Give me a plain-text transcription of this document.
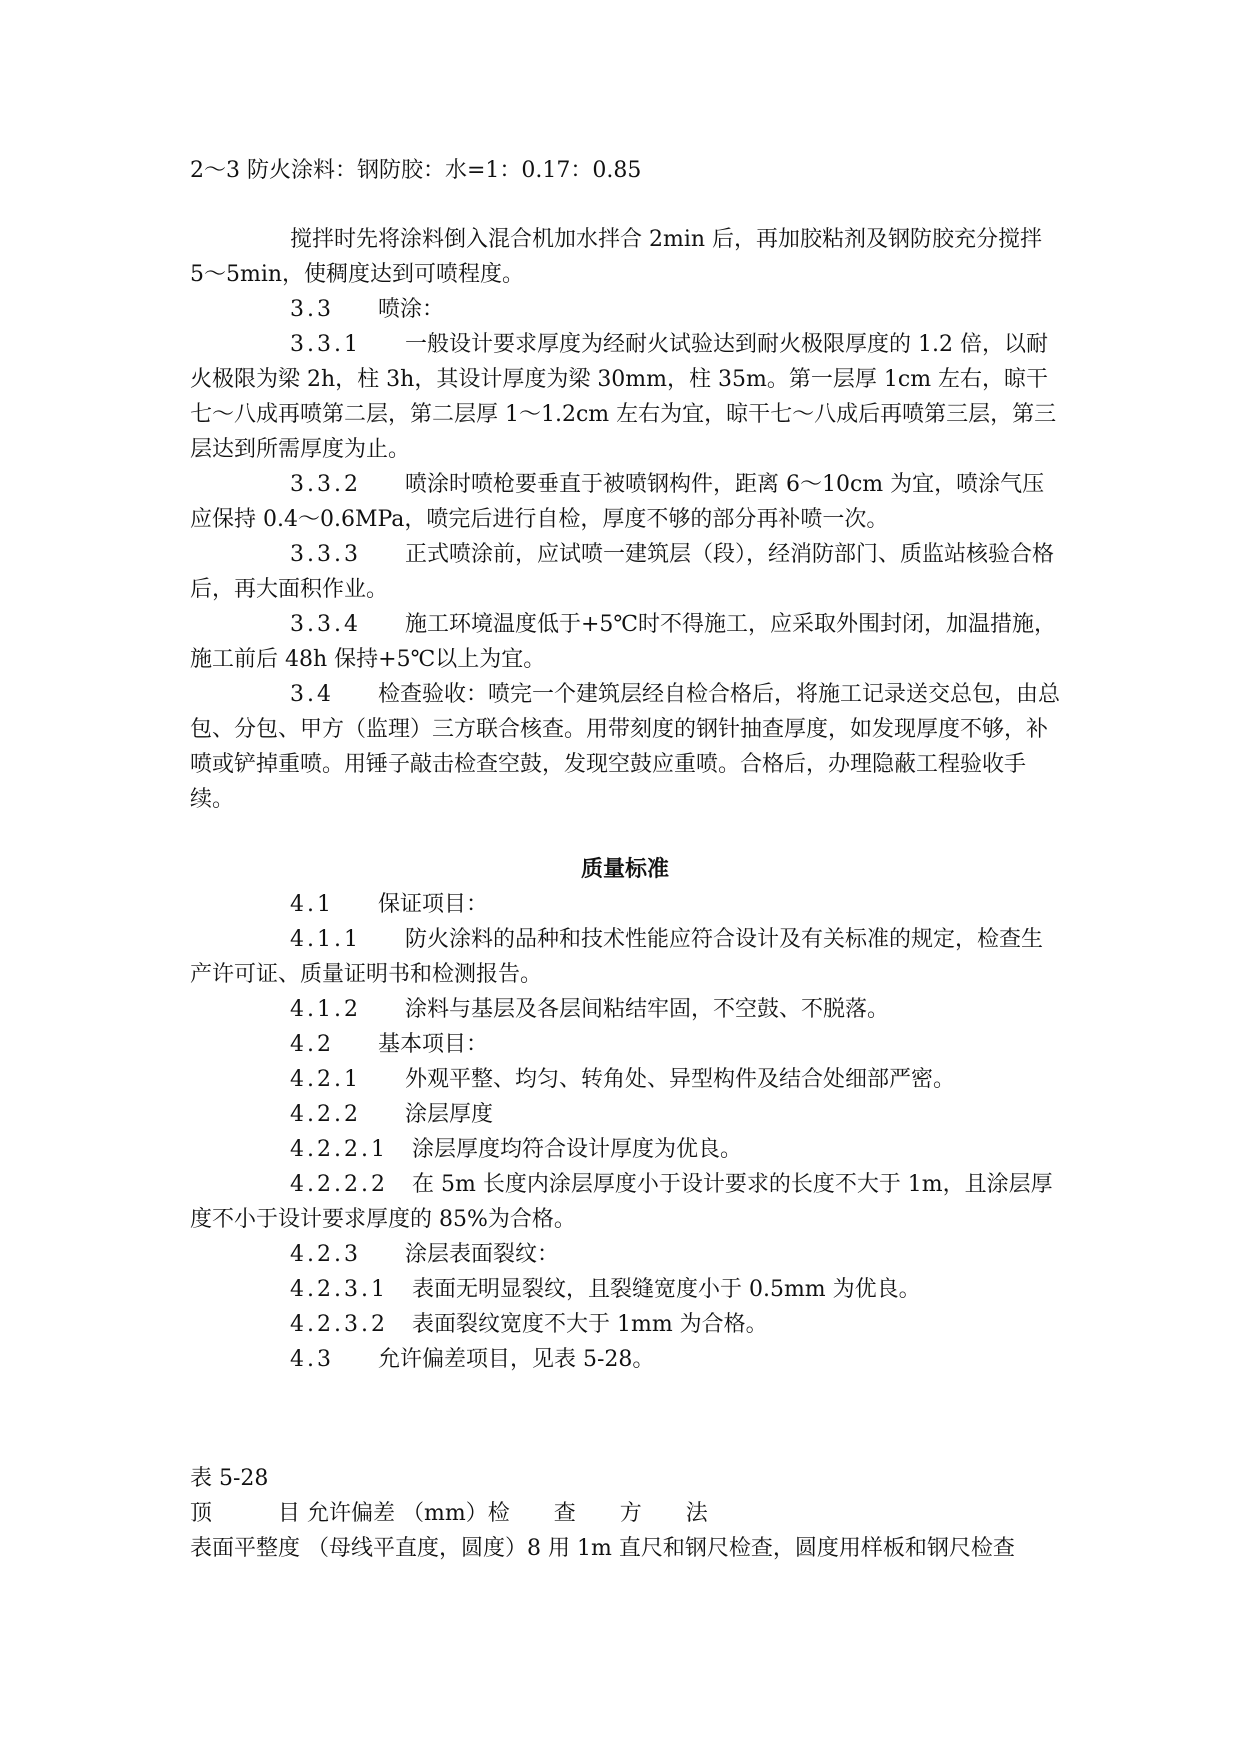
2～3 防火涂料：钢防胶：水=1：0.17：0.85

搅拌时先将涂料倒入混合机加水拌合 2min 后，再加胶粘剂及钢防胶充分搅拌 5～5min，使稠度达到可喷程度。

3.3 喷涂：

3.3.1 一般设计要求厚度为经耐火试验达到耐火极限厚度的 1.2 倍，以耐火极限为梁 2h，柱 3h，其设计厚度为梁 30mm，柱 35m。第一层厚 1cm 左右，晾干七～八成再喷第二层，第二层厚 1～1.2cm 左右为宜，晾干七～八成后再喷第三层，第三层达到所需厚度为止。

3.3.2 喷涂时喷枪要垂直于被喷钢构件，距离 6～10cm 为宜，喷涂气压应保持 0.4～0.6MPa，喷完后进行自检，厚度不够的部分再补喷一次。

3.3.3 正式喷涂前，应试喷一建筑层（段），经消防部门、质监站核验合格后，再大面积作业。

3.3.4 施工环境温度低于+5℃时不得施工，应采取外围封闭，加温措施，施工前后 48h 保持+5℃以上为宜。

3.4 检查验收：喷完一个建筑层经自检合格后，将施工记录送交总包，由总包、分包、甲方（监理）三方联合核查。用带刻度的钢针抽查厚度，如发现厚度不够，补喷或铲掉重喷。用锤子敲击检查空鼓，发现空鼓应重喷。合格后，办理隐蔽工程验收手续。

质量标准

4.1 保证项目：

4.1.1 防火涂料的品种和技术性能应符合设计及有关标准的规定，检查生产许可证、质量证明书和检测报告。

4.1.2 涂料与基层及各层间粘结牢固，不空鼓、不脱落。

4.2 基本项目：

4.2.1 外观平整、均匀、转角处、异型构件及结合处细部严密。

4.2.2 涂层厚度

4.2.2.1 涂层厚度均符合设计厚度为优良。

4.2.2.2 在 5m 长度内涂层厚度小于设计要求的长度不大于 1m，且涂层厚度不小于设计要求厚度的 85%为合格。

4.2.3 涂层表面裂纹：

4.2.3.1 表面无明显裂纹，且裂缝宽度小于 0.5mm 为优良。

4.2.3.2 表面裂纹宽度不大于 1mm 为合格。

4.3 允许偏差项目，见表 5-28。

表 5-28

顶　　　目 允许偏差 （mm）检　　查　　方　　法

表面平整度 （母线平直度，圆度）8 用 1m 直尺和钢尺检查，圆度用样板和钢尺检查
